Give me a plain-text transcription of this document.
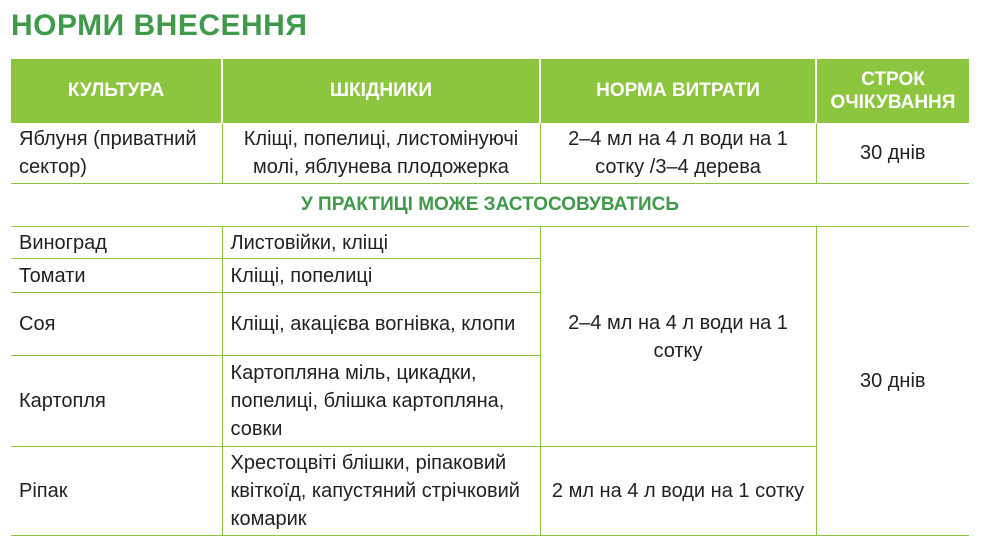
НОРМИ ВНЕСЕННЯ
КУЛЬТУРА	ШКІДНИКИ	НОРМА ВИТРАТИ	СТРОК ОЧІКУВАННЯ
Яблуня (приватний сектор)	Кліщі, попелиці, листомінуючі молі, яблунева плодожерка	2–4 мл на 4 л води на 1 сотку /3–4 дерева	30 днів
У ПРАКТИЦІ МОЖЕ ЗАСТОСОВУВАТИСЬ			
Виноград	Листовійки, кліщі	2–4 мл на 4 л води на 1 сотку	30 днів
Томати	Кліщі, попелиці		
Соя	Кліщі, акацієва вогнівка, клопи		
Картопля	Картопляна міль, цикадки, попелиці, блішка картопляна, совки		
Ріпак	Хрестоцвіті блішки, ріпаковий квіткоїд, капустяний стрічковий комарик	2 мл на 4 л води на 1 сотку	
